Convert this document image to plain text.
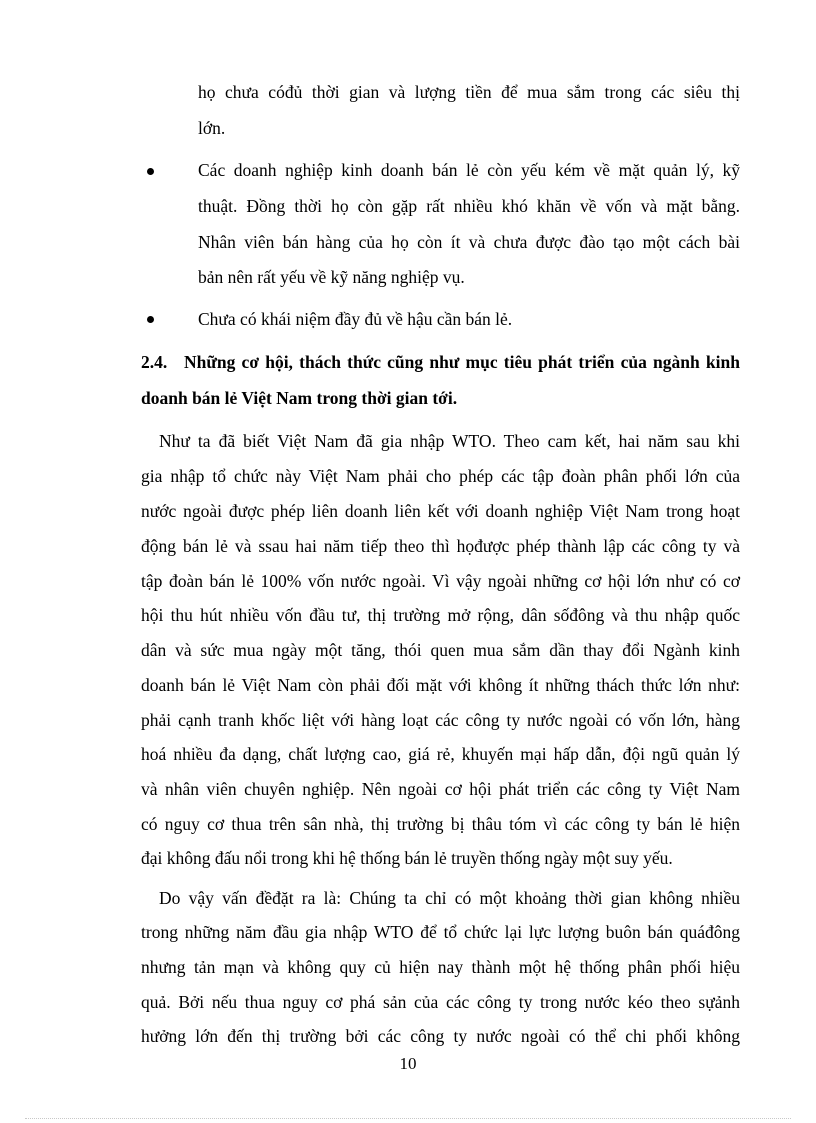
họ chưa cóđủ thời gian và lượng tiền để mua sắm trong các siêu thị

lớn.

Các doanh nghiệp kinh doanh bán lẻ còn yếu kém về mặt quản lý, kỹ

thuật. Đồng thời họ còn gặp rất nhiều khó khăn về vốn và mặt bằng.

Nhân viên bán hàng của họ còn ít và chưa được đào tạo một cách bài

bản nên rất yếu về kỹ năng nghiệp vụ.

Chưa có khái niệm đầy đủ về hậu cần bán lẻ.

2.4. Những cơ hội, thách thức cũng như mục tiêu phát triển của ngành kinh

doanh bán lẻ Việt Nam trong thời gian tới.

Như ta đã biết Việt Nam đã gia nhập WTO. Theo cam kết, hai năm sau khi

gia nhập tổ chức này Việt Nam phải cho phép các tập đoàn phân phối lớn của

nước ngoài được phép liên doanh liên kết với doanh nghiệp Việt Nam trong hoạt

động bán lẻ và ssau hai năm tiếp theo thì họđược phép thành lập các công ty và

tập đoàn bán lẻ 100% vốn nước ngoài. Vì vậy ngoài những cơ hội lớn như có cơ

hội thu hút nhiều vốn đầu tư, thị trường mở rộng, dân sốđông và thu nhập quốc

dân và sức mua ngày một tăng, thói quen mua sắm dần thay đổi Ngành kinh

doanh bán lẻ Việt Nam còn phải đối mặt với không ít những thách thức lớn như:

phải cạnh tranh khốc liệt với hàng loạt các công ty nước ngoài có vốn lớn, hàng

hoá nhiều đa dạng, chất lượng cao, giá rẻ, khuyến mại hấp dẫn, đội ngũ quản lý

và nhân viên chuyên nghiệp. Nên ngoài cơ hội phát triển các công ty Việt Nam

có nguy cơ thua trên sân nhà, thị trường bị thâu tóm vì các công ty bán lẻ hiện

đại không đấu nổi trong khi hệ thống bán lẻ truyền thống ngày một suy yếu.

Do vậy vấn đềđặt ra là: Chúng ta chỉ có một khoảng thời gian không nhiều

trong những năm đầu gia nhập WTO để tổ chức lại lực lượng buôn bán quáđông

nhưng tản mạn và không quy củ hiện nay thành một hệ thống phân phối hiệu

quả. Bởi nếu thua nguy cơ phá sản của các công ty trong nước kéo theo sựảnh

hưởng lớn đến thị trường bởi các công ty nước ngoài có thể chi phối không

10
